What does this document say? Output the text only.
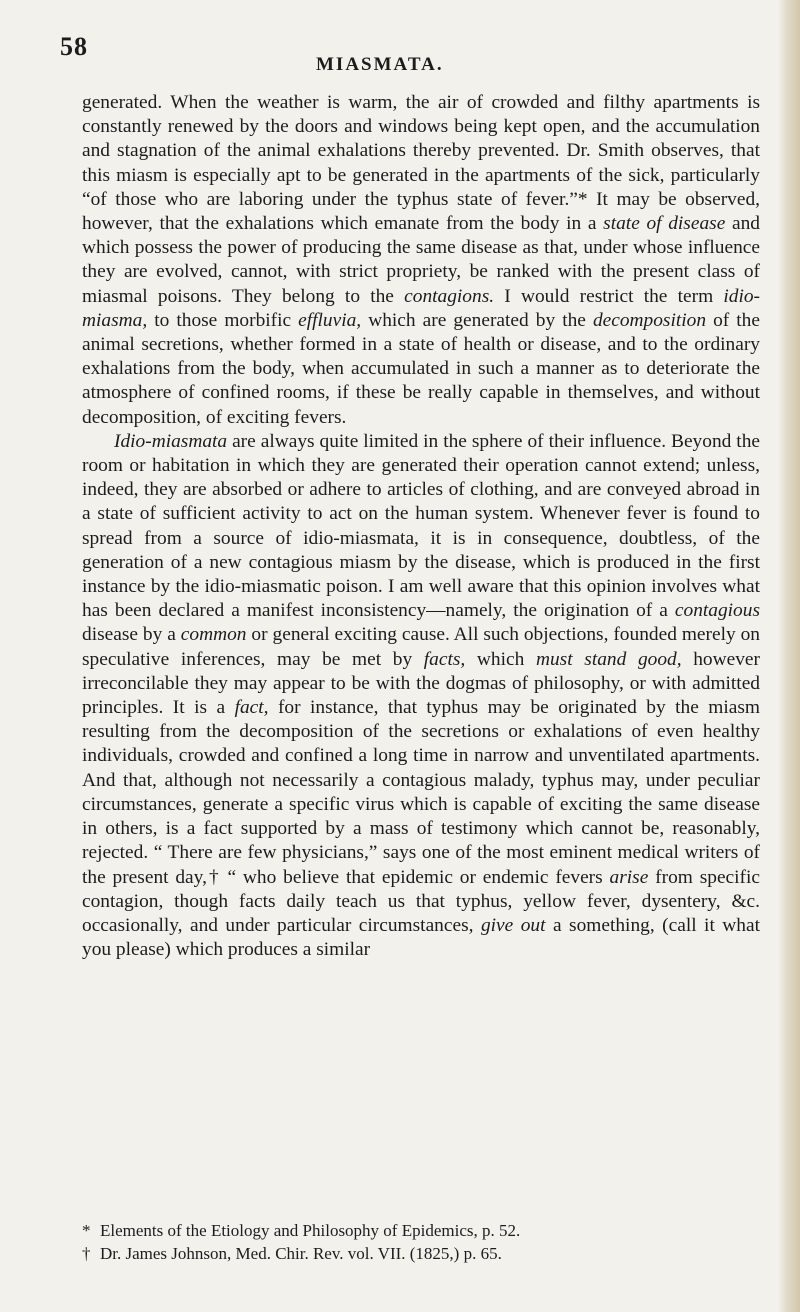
58
MIASMATA.

generated. When the weather is warm, the air of crowded and filthy apartments is constantly renewed by the doors and windows being kept open, and the accumulation and stagnation of the animal exhalations thereby prevented. Dr. Smith observes, that this miasm is especially apt to be generated in the apartments of the sick, particularly “of those who are laboring under the typhus state of fever.”* It may be observed, however, that the exhalations which emanate from the body in a state of disease and which possess the power of producing the same disease as that, under whose influence they are evolved, cannot, with strict propriety, be ranked with the present class of miasmal poisons. They belong to the contagions. I would restrict the term idio-miasma, to those morbific effluvia, which are generated by the decomposition of the animal secretions, whether formed in a state of health or disease, and to the ordinary exhalations from the body, when accumulated in such a manner as to deteriorate the atmosphere of confined rooms, if these be really capable in themselves, and without decomposition, of exciting fevers.

Idio-miasmata are always quite limited in the sphere of their influence. Beyond the room or habitation in which they are generated their operation cannot extend; unless, indeed, they are absorbed or adhere to articles of clothing, and are conveyed abroad in a state of sufficient activity to act on the human system. Whenever fever is found to spread from a source of idio-miasmata, it is in consequence, doubtless, of the generation of a new contagious miasm by the disease, which is produced in the first instance by the idio-miasmatic poison. I am well aware that this opinion involves what has been declared a manifest inconsistency—namely, the origination of a contagious disease by a common or general exciting cause. All such objections, founded merely on speculative inferences, may be met by facts, which must stand good, however irreconcilable they may appear to be with the dogmas of philosophy, or with admitted principles. It is a fact, for instance, that typhus may be originated by the miasm resulting from the decomposition of the secretions or exhalations of even healthy individuals, crowded and confined a long time in narrow and unventilated apartments. And that, although not necessarily a contagious malady, typhus may, under peculiar circumstances, generate a specific virus which is capable of exciting the same disease in others, is a fact supported by a mass of testimony which cannot be, reasonably, rejected. “ There are few physicians,” says one of the most eminent medical writers of the present day,† “ who believe that epidemic or endemic fevers arise from specific contagion, though facts daily teach us that typhus, yellow fever, dysentery, &c. occasionally, and under particular circumstances, give out a something, (call it what you please) which produces a similar

* Elements of the Etiology and Philosophy of Epidemics, p. 52.

† Dr. James Johnson, Med. Chir. Rev. vol. VII. (1825,) p. 65.
